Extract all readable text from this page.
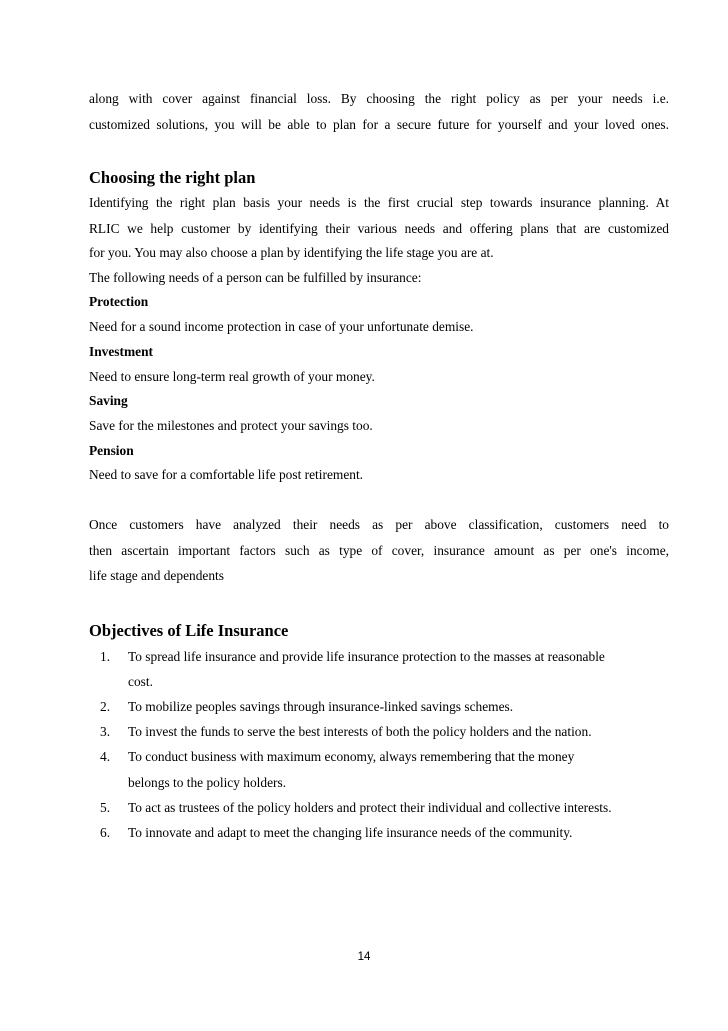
along with cover against financial loss. By choosing the right policy as per your needs i.e.

customized solutions, you will be able to plan for a secure future for yourself and your loved ones.

Choosing the right plan

Identifying the right plan basis your needs is the first crucial step towards insurance planning. At

RLIC we help customer by identifying their various needs and offering plans that are customized

for you. You may also choose a plan by identifying the life stage you are at.

The following needs of a person can be fulfilled by insurance:

Protection

Need for a sound income protection in case of your unfortunate demise.

Investment

Need to ensure long-term real growth of your money.

Saving

Save for the milestones and protect your savings too.

Pension

Need to save for a comfortable life post retirement.

Once customers have analyzed their needs as per above classification, customers need to

then ascertain important factors such as type of cover, insurance amount as per one's income,

life stage and dependents

Objectives of Life Insurance
1. To spread life insurance and provide life insurance protection to the masses at reasonable
cost.
2. To mobilize peoples savings through insurance-linked savings schemes.
3. To invest the funds to serve the best interests of both the policy holders and the nation.
4. To conduct business with maximum economy, always remembering that the money
belongs to the policy holders.
5. To act as trustees of the policy holders and protect their individual and collective interests.
6. To innovate and adapt to meet the changing life insurance needs of the community.
14
